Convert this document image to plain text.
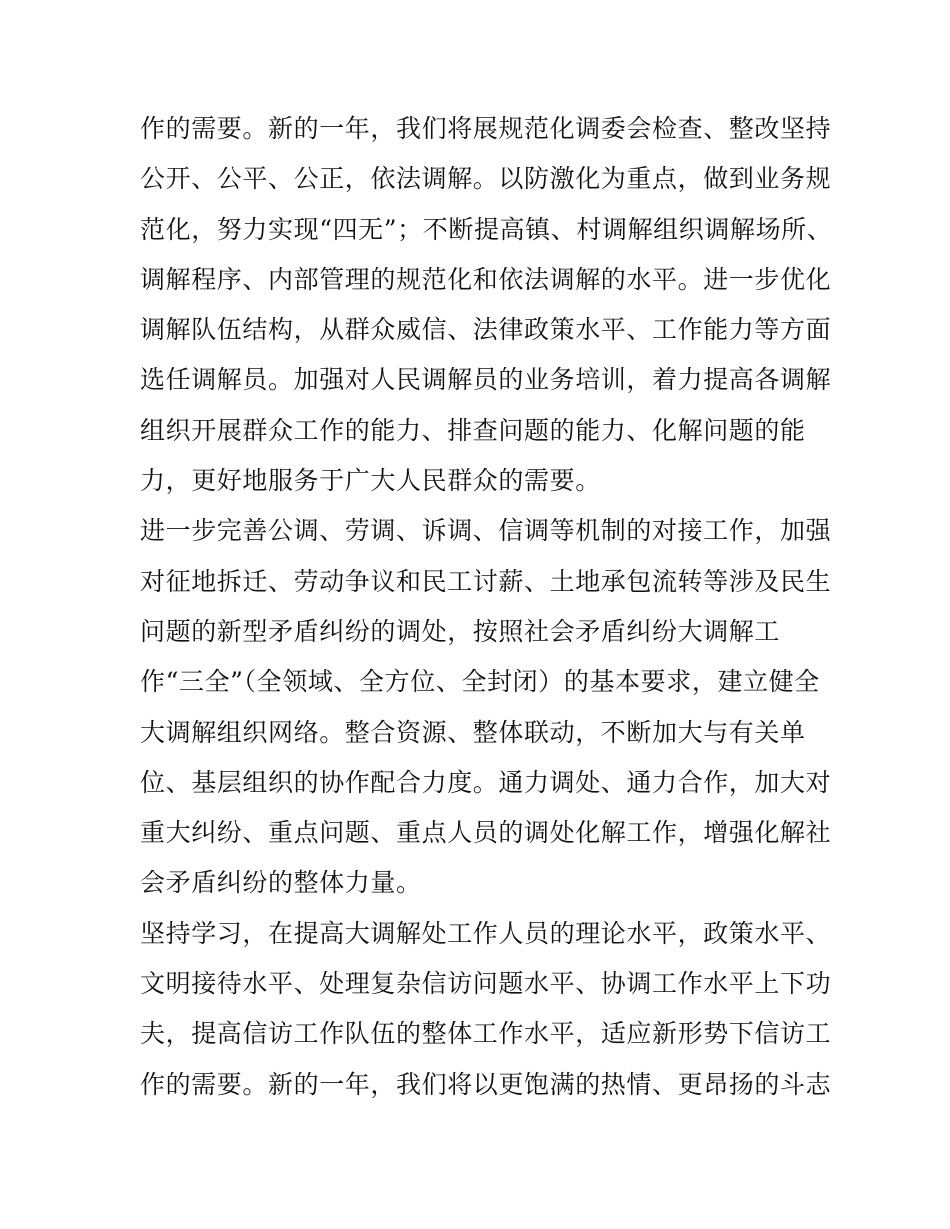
作的需要。新的一年，我们将展规范化调委会检查、整改坚持
公开、公平、公正，依法调解。以防激化为重点，做到业务规
范化，努力实现“四无”；不断提高镇、村调解组织调解场所、
调解程序、内部管理的规范化和依法调解的水平。进一步优化
调解队伍结构，从群众威信、法律政策水平、工作能力等方面
选任调解员。加强对人民调解员的业务培训，着力提高各调解
组织开展群众工作的能力、排查问题的能力、化解问题的能
力，更好地服务于广大人民群众的需要。
进一步完善公调、劳调、诉调、信调等机制的对接工作，加强
对征地拆迁、劳动争议和民工讨薪、土地承包流转等涉及民生
问题的新型矛盾纠纷的调处，按照社会矛盾纠纷大调解工
作“三全”（全领域、全方位、全封闭）的基本要求，建立健全
大调解组织网络。整合资源、整体联动，不断加大与有关单
位、基层组织的协作配合力度。通力调处、通力合作，加大对
重大纠纷、重点问题、重点人员的调处化解工作，增强化解社
会矛盾纠纷的整体力量。
坚持学习，在提高大调解处工作人员的理论水平，政策水平、
文明接待水平、处理复杂信访问题水平、协调工作水平上下功
夫，提高信访工作队伍的整体工作水平，适应新形势下信访工
作的需要。新的一年，我们将以更饱满的热情、更昂扬的斗志
